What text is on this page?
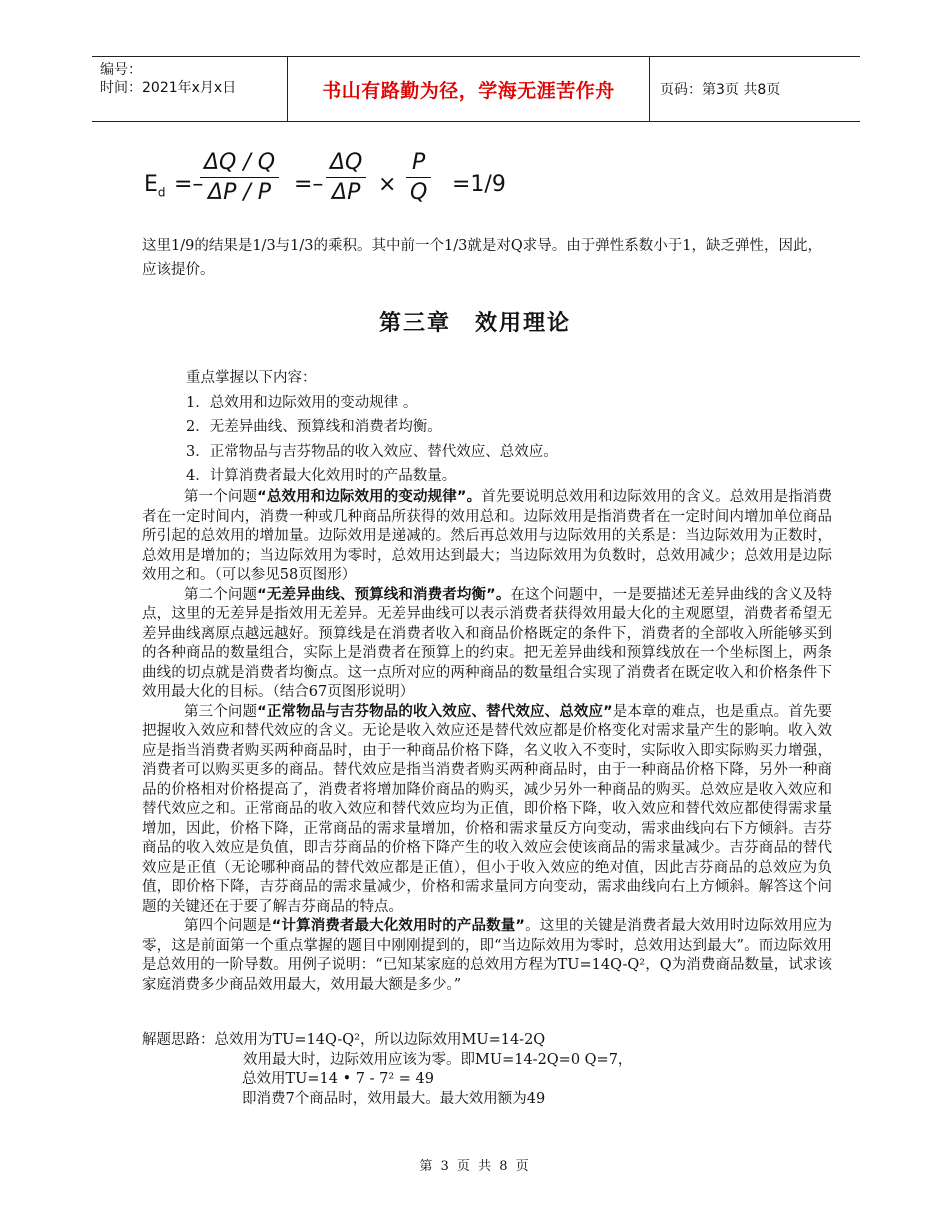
编号：
时间：2021年x月x日	书山有路勤为径，学海无涯苦作舟	页码：第3页 共8页
$E_d$ =–
ΔQ / Q
ΔP / P	=–
ΔQ
ΔP ×
P
Q =1/9
这里1/9的结果是1/3与1/3的乘积。其中前一个1/3就是对Q求导。由于弹性系数小于1，缺乏弹性，因此，应该提价。
第三章　效用理论
重点掌握以下内容：
1．总效用和边际效用的变动规律 。
2．无差异曲线、预算线和消费者均衡。
3．正常物品与吉芬物品的收入效应、替代效应、总效应。
4．计算消费者最大化效用时的产品数量。

第一个问题“总效用和边际效用的变动规律”。首先要说明总效用和边际效用的含义。总效用是指消费者在一定时间内，消费一种或几种商品所获得的效用总和。边际效用是指消费者在一定时间内增加单位商品所引起的总效用的增加量。边际效用是递减的。然后再总效用与边际效用的关系是：当边际效用为正数时，总效用是增加的；当边际效用为零时，总效用达到最大；当边际效用为负数时，总效用减少；总效用是边际效用之和。（可以参见58页图形）

第二个问题“无差异曲线、预算线和消费者均衡”。在这个问题中，一是要描述无差异曲线的含义及特点，这里的无差异是指效用无差异。无差异曲线可以表示消费者获得效用最大化的主观愿望，消费者希望无差异曲线离原点越远越好。预算线是在消费者收入和商品价格既定的条件下，消费者的全部收入所能够买到的各种商品的数量组合，实际上是消费者在预算上的约束。把无差异曲线和预算线放在一个坐标图上，两条曲线的切点就是消费者均衡点。这一点所对应的两种商品的数量组合实现了消费者在既定收入和价格条件下效用最大化的目标。（结合67页图形说明）

第三个问题“正常物品与吉芬物品的收入效应、替代效应、总效应”是本章的难点，也是重点。首先要把握收入效应和替代效应的含义。无论是收入效应还是替代效应都是价格变化对需求量产生的影响。收入效应是指当消费者购买两种商品时，由于一种商品价格下降，名义收入不变时，实际收入即实际购买力增强，消费者可以购买更多的商品。替代效应是指当消费者购买两种商品时，由于一种商品价格下降，另外一种商品的价格相对价格提高了，消费者将增加降价商品的购买，减少另外一种商品的购买。总效应是收入效应和替代效应之和。正常商品的收入效应和替代效应均为正值，即价格下降，收入效应和替代效应都使得需求量增加，因此，价格下降，正常商品的需求量增加，价格和需求量反方向变动，需求曲线向右下方倾斜。吉芬商品的收入效应是负值，即吉芬商品的价格下降产生的收入效应会使该商品的需求量减少。吉芬商品的替代效应是正值（无论哪种商品的替代效应都是正值），但小于收入效应的绝对值，因此吉芬商品的总效应为负值，即价格下降，吉芬商品的需求量减少，价格和需求量同方向变动，需求曲线向右上方倾斜。解答这个问题的关键还在于要了解吉芬商品的特点。

第四个问题是“计算消费者最大化效用时的产品数量”。这里的关键是消费者最大效用时边际效用应为零，这是前面第一个重点掌握的题目中刚刚提到的，即“当边际效用为零时，总效用达到最大”。而边际效用是总效用的一阶导数。用例子说明：“已知某家庭的总效用方程为TU=14Q-Q²，Q为消费商品数量，试求该家庭消费多少商品效用最大，效用最大额是多少。”

解题思路：总效用为TU=14Q-Q²，所以边际效用MU=14-2Q

效用最大时，边际效用应该为零。即MU=14-2Q=0 Q=7，

总效用TU=14 • 7 - 7² = 49

即消费7个商品时，效用最大。最大效用额为49

第 3 页 共 8 页
